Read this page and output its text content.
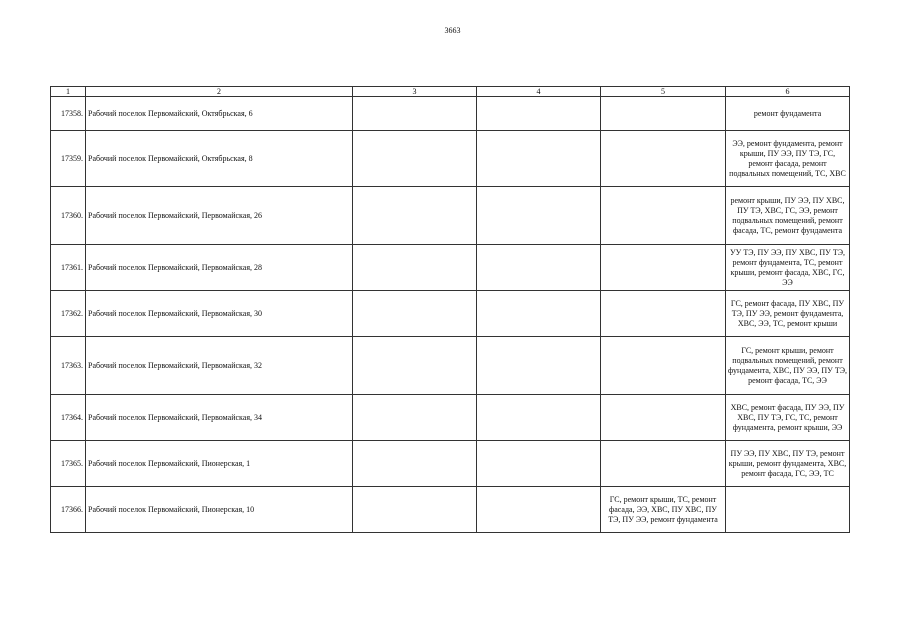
3663
1	2	3	4	5	6
17358.	Рабочий поселок Первомайский, Октябрьская, 6				ремонт фундамента
17359.	Рабочий поселок Первомайский, Октябрьская, 8				ЭЭ, ремонт фундамента, ремонт крыши, ПУ ЭЭ, ПУ ТЭ, ГС, ремонт фасада, ремонт подвальных помещений, ТС, ХВС
17360.	Рабочий поселок Первомайский, Первомайская, 26				ремонт крыши, ПУ ЭЭ, ПУ ХВС, ПУ ТЭ, ХВС, ГС, ЭЭ, ремонт подвальных помещений, ремонт фасада, ТС, ремонт фундамента
17361.	Рабочий поселок Первомайский, Первомайская, 28				УУ ТЭ, ПУ ЭЭ, ПУ ХВС, ПУ ТЭ, ремонт фундамента, ТС, ремонт крыши, ремонт фасада, ХВС, ГС, ЭЭ
17362.	Рабочий поселок Первомайский, Первомайская, 30				ГС, ремонт фасада, ПУ ХВС, ПУ ТЭ, ПУ ЭЭ, ремонт фундамента, ХВС, ЭЭ, ТС, ремонт крыши
17363.	Рабочий поселок Первомайский, Первомайская, 32				ГС, ремонт крыши, ремонт подвальных помещений, ремонт фундамента, ХВС, ПУ ЭЭ, ПУ ТЭ, ремонт фасада, ТС, ЭЭ
17364.	Рабочий поселок Первомайский, Первомайская, 34				ХВС, ремонт фасада, ПУ ЭЭ, ПУ ХВС, ПУ ТЭ, ГС, ТС, ремонт фундамента, ремонт крыши, ЭЭ
17365.	Рабочий поселок Первомайский, Пионерская, 1				ПУ ЭЭ, ПУ ХВС, ПУ ТЭ, ремонт крыши, ремонт фундамента, ХВС, ремонт фасада, ГС, ЭЭ, ТС
17366.	Рабочий поселок Первомайский, Пионерская, 10			ГС, ремонт крыши, ТС, ремонт фасада, ЭЭ, ХВС, ПУ ХВС, ПУ ТЭ, ПУ ЭЭ, ремонт фундамента	
